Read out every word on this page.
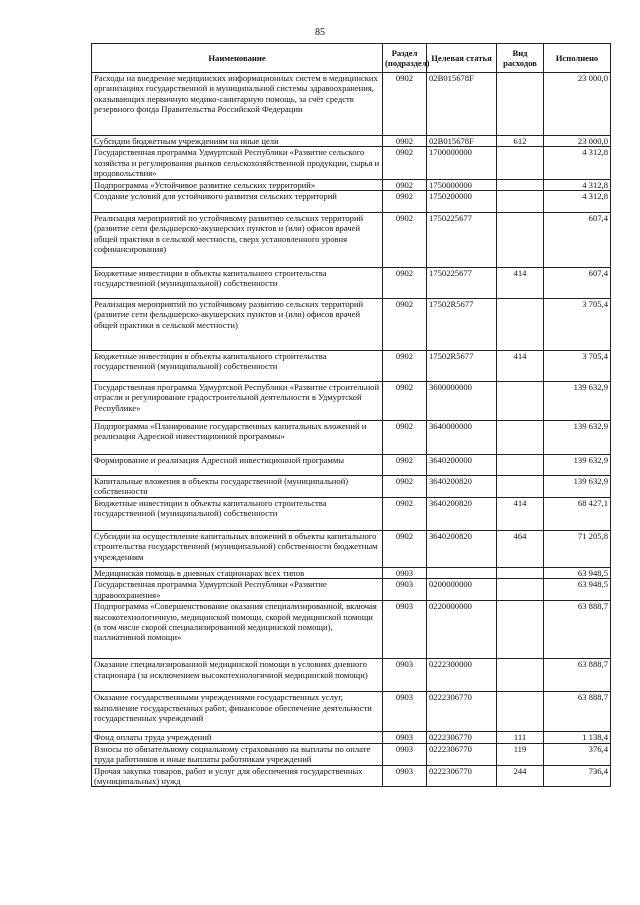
85
Наименование	Раздел (подраздел)	Целевая статья	Вид расходов	Исполнено
Расходы на внедрение медицинских информационных систем в медицинских организациях государственной и муниципальной системы здравоохранения, оказывающих первичную медико-санитарную помощь, за счёт средств резервного фонда Правительства Российской Федерации	0902	02В015678F		23 000,0
Субсидии бюджетным учреждениям на иные цели	0902	02В015678F	612	23 000,0
Государственная программа Удмуртской Республики «Развитие сельского хозяйства и регулирования рынков сельскохозяйственной продукции, сырья и продовольствия»	0902	1700000000		4 312,8
Подпрограмма «Устойчивое развитие сельских территорий»	0902	1750000000		4 312,8
Создание условий для устойчивого развития сельских территорий	0902	1750200000		4 312,8
Реализация мероприятий по устойчивому развитию сельских территорий (развитие сети фельдшерско-акушерских пунктов и (или) офисов врачей общей практики в сельской местности, сверх установленного уровня софинансирования)	0902	1750225677		607,4
Бюджетные инвестиции в объекты капитального строительства государственной (муниципальной) собственности	0902	1750225677	414	607,4
Реализация мероприятий по устойчивому развитию сельских территорий (развитие сети фельдшерско-акушерских пунктов и (или) офисов врачей общей практики в сельской местности)	0902	17502R5677		3 705,4
Бюджетные инвестиции в объекты капитального строительства государственной (муниципальной) собственности	0902	17502R5677	414	3 705,4
Государственная программа Удмуртской Республики «Развитие строительной отрасли и регулирование градостроительной деятельности в Удмуртской Республике»	0902	3600000000		139 632,9
Подпрограмма «Планирование государственных капитальных вложений и реализация Адресной инвестиционной программы»	0902	3640000000		139 632,9
Формирование и реализация Адресной инвестиционной программы	0902	3640200000		139 632,9
Капитальные вложения в объекты государственной (муниципальной) собственности	0902	3640200820		139 632,9
Бюджетные инвестиции в объекты капитального строительства государственной (муниципальной) собственности	0902	3640200820	414	68 427,1
Субсидии на осуществление капитальных вложений в объекты капитального строительства государственной (муниципальной) собственности бюджетным учреждениям	0902	3640200820	464	71 205,8
Медицинская помощь в дневных стационарах всех типов	0903			63 948,5
Государственная программа Удмуртской Республики «Развитие здравоохранения»	0903	0200000000		63 948,5
Подпрограмма «Совершенствование оказания специализированной, включая высокотехнологичную, медицинской помощи, скорой медицинской помощи (в том числе скорой специализированной медицинской помощи), паллиативной помощи»	0903	0220000000		63 888,7
Оказание специализированной медицинской помощи в условиях дневного стационара (за исключением высокотехнологичной медицинской помощи)	0903	0222300000		63 888,7
Оказание государственными учреждениями государственных услуг, выполнение государственных работ, финансовое обеспечение деятельности государственных учреждений	0903	0222306770		63 888,7
Фонд оплаты труда учреждений	0903	0222306770	111	1 138,4
Взносы по обязательному социальному страхованию на выплаты по оплате труда работников и иные выплаты работникам учреждений	0903	0222306770	119	376,4
Прочая закупка товаров, работ и услуг для обеспечения государственных (муниципальных) нужд	0903	0222306770	244	736,4
